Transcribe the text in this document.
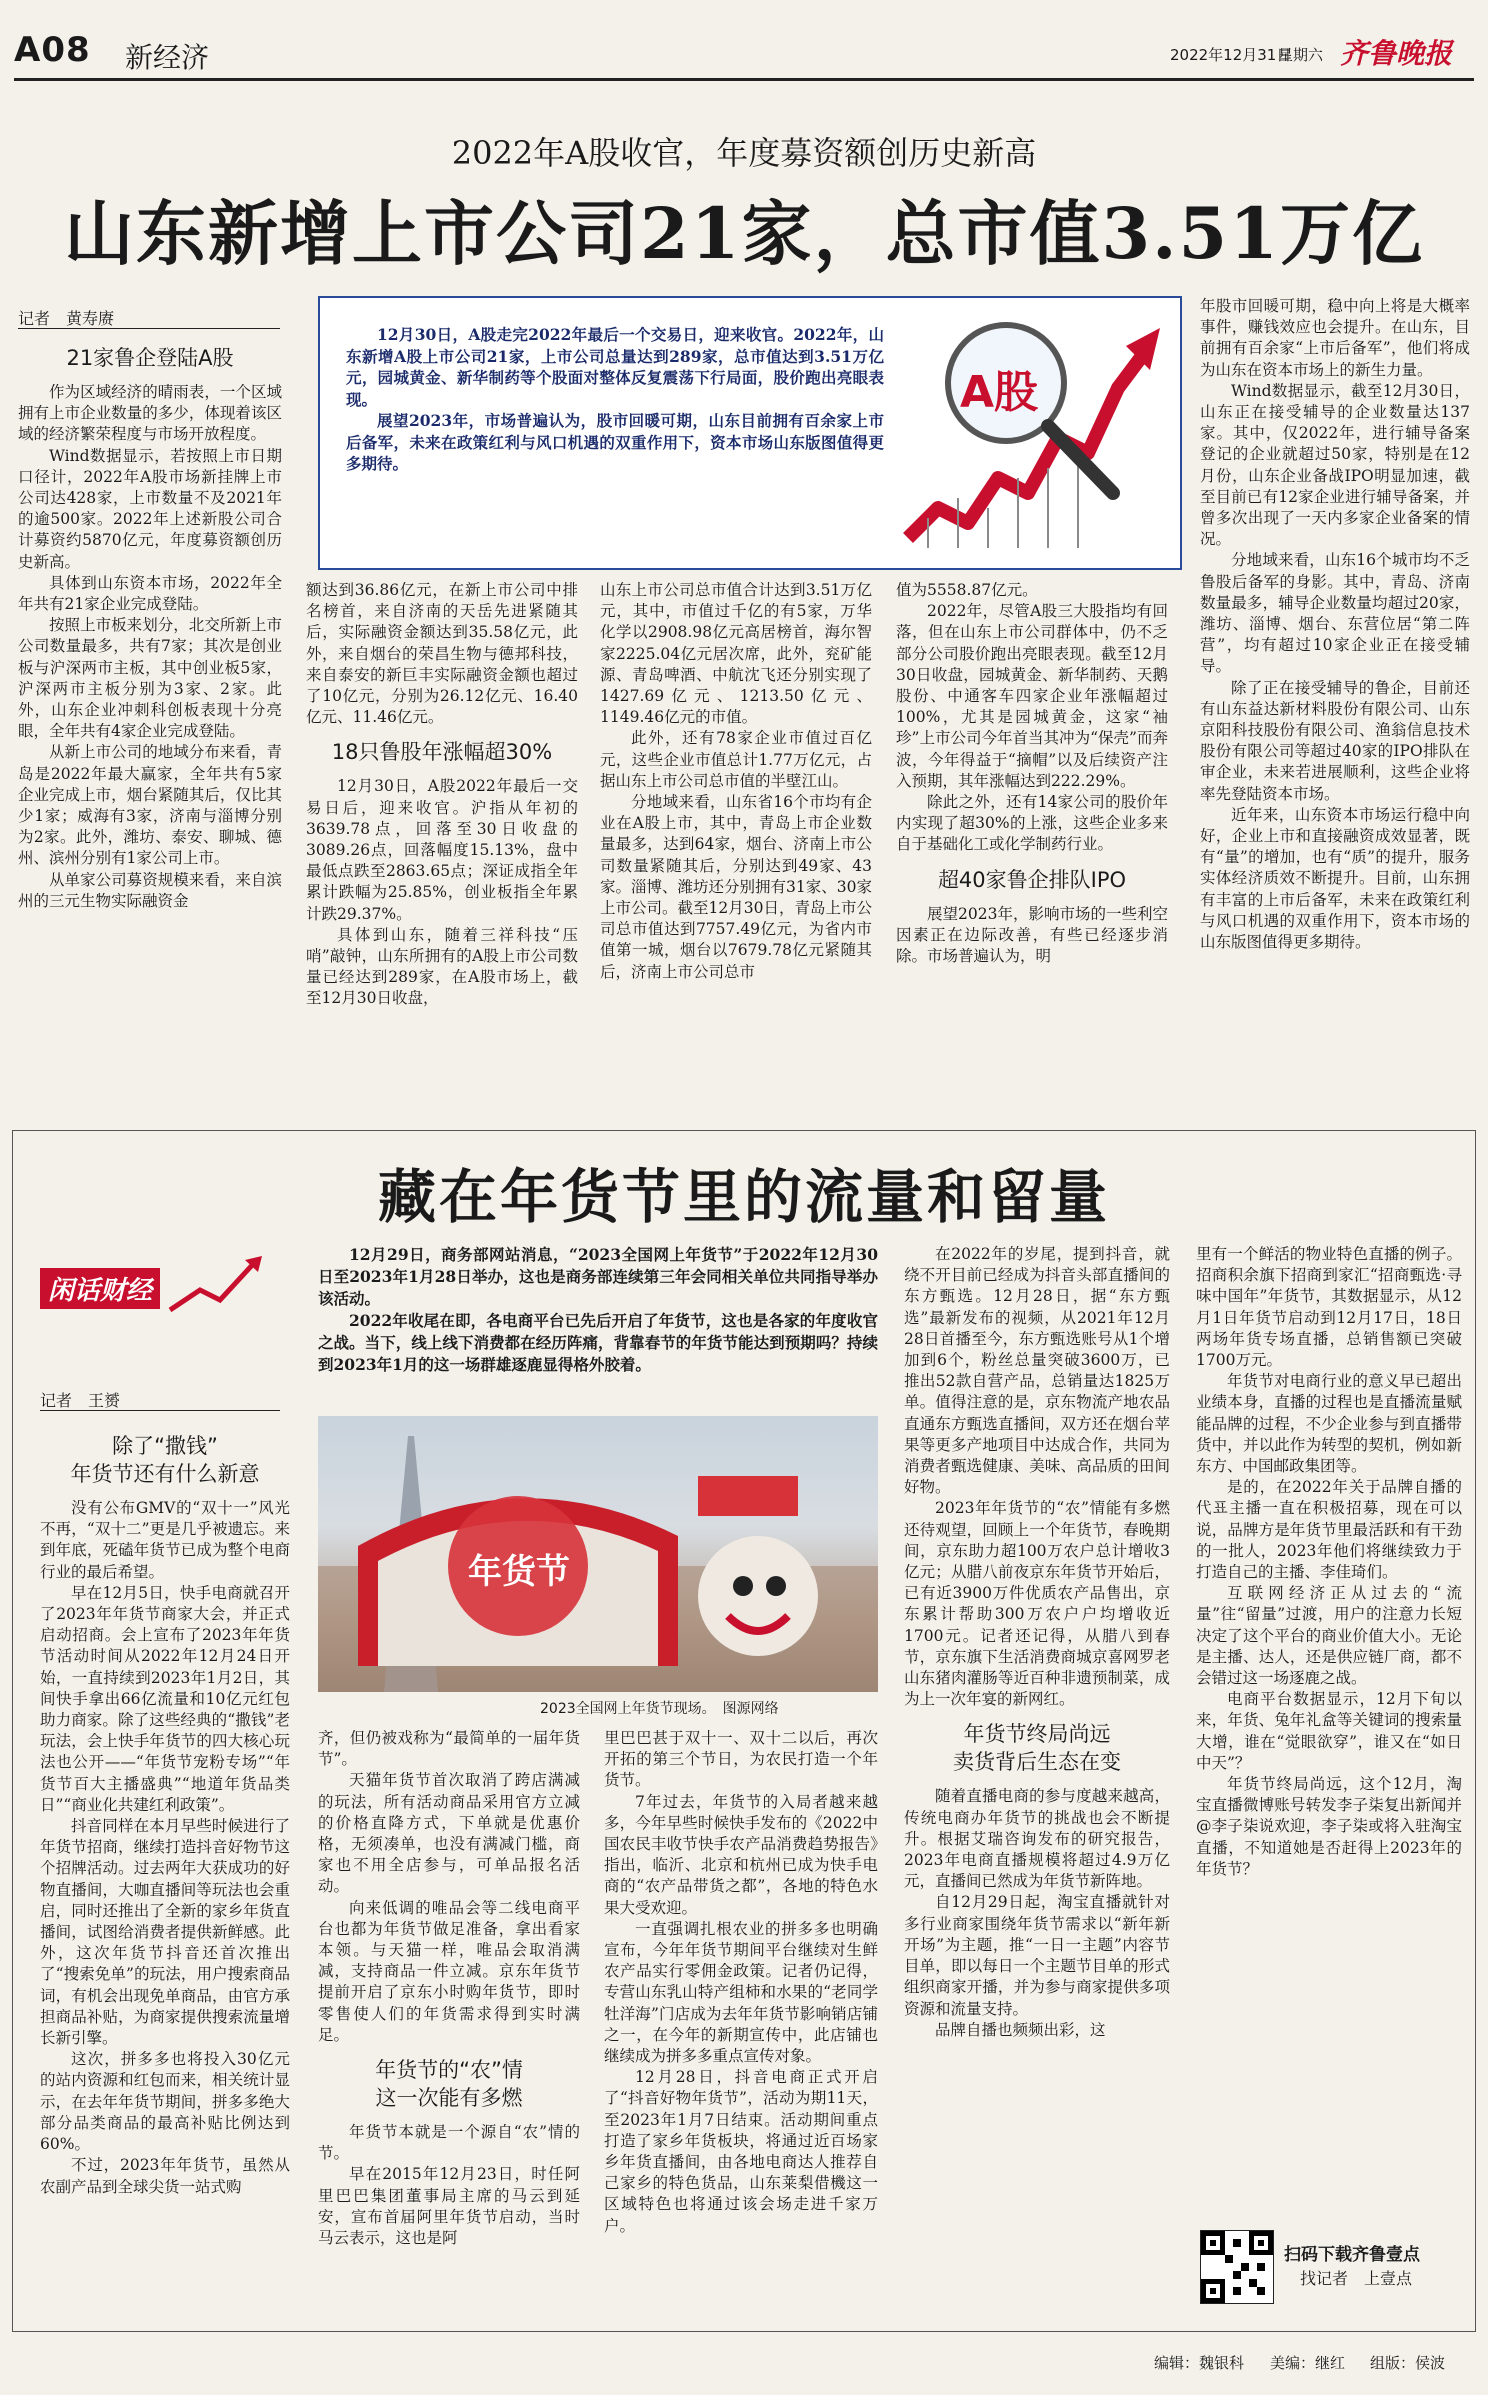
A08 新经济	2022年12月31日
星期六 齐鲁晚报
2022年A股收官，年度募资额创历史新高
山东新增上市公司21家，总市值3.51万亿
记者　黄寿赓

12月30日，A股走完2022年最后一个交易日，迎来收官。2022年，山东新增A股上市公司21家，上市公司总量达到289家，总市值达到3.51万亿元，园城黄金、新华制药等个股面对整体反复震荡下行局面，股价跑出亮眼表现。

展望2023年，市场普遍认为，股市回暖可期，山东目前拥有百余家上市后备军，未来在政策红利与风口机遇的双重作用下，资本市场山东版图值得更多期待。

A股

21家鲁企登陆A股

作为区域经济的晴雨表，一个区域拥有上市企业数量的多少，体现着该区域的经济繁荣程度与市场开放程度。

Wind数据显示，若按照上市日期口径计，2022年A股市场新挂牌上市公司达428家，上市数量不及2021年的逾500家。2022年上述新股公司合计募资约5870亿元，年度募资额创历史新高。

具体到山东资本市场，2022年全年共有21家企业完成登陆。

按照上市板来划分，北交所新上市公司数量最多，共有7家；其次是创业板与沪深两市主板，其中创业板5家，沪深两市主板分别为3家、2家。此外，山东企业冲刺科创板表现十分亮眼，全年共有4家企业完成登陆。

从新上市公司的地域分布来看，青岛是2022年最大赢家，全年共有5家企业完成上市，烟台紧随其后，仅比其少1家；威海有3家，济南与淄博分别为2家。此外，潍坊、泰安、聊城、德州、滨州分别有1家公司上市。

从单家公司募资规模来看，来自滨州的三元生物实际融资金

额达到36.86亿元，在新上市公司中排名榜首，来自济南的天岳先进紧随其后，实际融资金额达到35.58亿元，此外，来自烟台的荣昌生物与德邦科技，来自泰安的新巨丰实际融资金额也超过了10亿元，分别为26.12亿元、16.40亿元、11.46亿元。

18只鲁股年涨幅超30%

12月30日，A股2022年最后一交易日后，迎来收官。沪指从年初的3639.78点，回落至30日收盘的3089.26点，回落幅度15.13%，盘中最低点跌至2863.65点；深证成指全年累计跌幅为25.85%，创业板指全年累计跌29.37%。

具体到山东，随着三祥科技“压哨”敲钟，山东所拥有的A股上市公司数量已经达到289家，在A股市场上，截至12月30日收盘，

山东上市公司总市值合计达到3.51万亿元，其中，市值过千亿的有5家，万华化学以2908.98亿元高居榜首，海尔智家2225.04亿元居次席，此外，兖矿能源、青岛啤酒、中航沈飞还分别实现了1427.69亿元、1213.50亿元、1149.46亿元的市值。

此外，还有78家企业市值过百亿元，这些企业市值总计1.77万亿元，占据山东上市公司总市值的半壁江山。

分地域来看，山东省16个市均有企业在A股上市，其中，青岛上市企业数量最多，达到64家，烟台、济南上市公司数量紧随其后，分别达到49家、43家。淄博、潍坊还分别拥有31家、30家上市公司。截至12月30日，青岛上市公司总市值达到7757.49亿元，为省内市值第一城，烟台以7679.78亿元紧随其后，济南上市公司总市

值为5558.87亿元。

2022年，尽管A股三大股指均有回落，但在山东上市公司群体中，仍不乏部分公司股价跑出亮眼表现。截至12月30日收盘，园城黄金、新华制药、天鹅股份、中通客车四家企业年涨幅超过100%，尤其是园城黄金，这家“袖珍”上市公司今年首当其冲为“保壳”而奔波，今年得益于“摘帽”以及后续资产注入预期，其年涨幅达到222.29%。

除此之外，还有14家公司的股价年内实现了超30%的上涨，这些企业多来自于基础化工或化学制药行业。

超40家鲁企排队IPO

展望2023年，影响市场的一些利空因素正在边际改善，有些已经逐步消除。市场普遍认为，明

年股市回暖可期，稳中向上将是大概率事件，赚钱效应也会提升。在山东，目前拥有百余家“上市后备军”，他们将成为山东在资本市场上的新生力量。

Wind数据显示，截至12月30日，山东正在接受辅导的企业数量达137家。其中，仅2022年，进行辅导备案登记的企业就超过50家，特别是在12月份，山东企业备战IPO明显加速，截至目前已有12家企业进行辅导备案，并曾多次出现了一天内多家企业备案的情况。

分地域来看，山东16个城市均不乏鲁股后备军的身影。其中，青岛、济南数量最多，辅导企业数量均超过20家，潍坊、淄博、烟台、东营位居“第二阵营”，均有超过10家企业正在接受辅导。

除了正在接受辅导的鲁企，目前还有山东益达新材料股份有限公司、山东京阳科技股份有限公司、渔翁信息技术股份有限公司等超过40家的IPO排队在审企业，未来若进展顺利，这些企业将率先登陆资本市场。

近年来，山东资本市场运行稳中向好，企业上市和直接融资成效显著，既有“量”的增加，也有“质”的提升，服务实体经济质效不断提升。目前，山东拥有丰富的上市后备军，未来在政策红利与风口机遇的双重作用下，资本市场的山东版图值得更多期待。

藏在年货节里的流量和留量
闲话财经
记者　王赟

12月29日，商务部网站消息，“2023全国网上年货节”于2022年12月30日至2023年1月28日举办，这也是商务部连续第三年会同相关单位共同指导举办该活动。

2022年收尾在即，各电商平台已先后开启了年货节，这也是各家的年度收官之战。当下，线上线下消费都在经历阵痛，背靠春节的年货节能达到预期吗？持续到2023年1月的这一场群雄逐鹿显得格外胶着。

年货节
2023全国网上年货节现场。　图源网络

除了“撒钱”
年货节还有什么新意

没有公布GMV的“双十一”风光不再，“双十二”更是几乎被遗忘。来到年底，死磕年货节已成为整个电商行业的最后希望。

早在12月5日，快手电商就召开了2023年年货节商家大会，并正式启动招商。会上宣布了2023年年货节活动时间从2022年12月24日开始，一直持续到2023年1月2日，其间快手拿出66亿流量和10亿元红包助力商家。除了这些经典的“撒钱”老玩法，会上快手年货节的四大核心玩法也公开——“年货节宠粉专场”“年货节百大主播盛典”“地道年货品类日”“商业化共建红利政策”。

抖音同样在本月早些时候进行了年货节招商，继续打造抖音好物节这个招牌活动。过去两年大获成功的好物直播间，大咖直播间等玩法也会重启，同时还推出了全新的家乡年货直播间，试图给消费者提供新鲜感。此外，这次年货节抖音还首次推出了“搜索免单”的玩法，用户搜索商品词，有机会出现免单商品，由官方承担商品补贴，为商家提供搜索流量增长新引擎。

这次，拼多多也将投入30亿元的站内资源和红包而来，相关统计显示，在去年年货节期间，拼多多绝大部分品类商品的最高补贴比例达到60%。

不过，2023年年货节，虽然从农副产品到全球尖货一站式购

齐，但仍被戏称为“最简单的一届年货节”。

天猫年货节首次取消了跨店满减的玩法，所有活动商品采用官方立减的价格直降方式，下单就是优惠价格，无须凑单，也没有满减门槛，商家也不用全店参与，可单品报名活动。

向来低调的唯品会等二线电商平台也都为年货节做足准备，拿出看家本领。与天猫一样，唯品会取消满减，支持商品一件立减。京东年货节提前开启了京东小时购年货节，即时零售使人们的年货需求得到实时满足。

年货节的“农”情
这一次能有多燃

年货节本就是一个源自“农”情的节。

早在2015年12月23日，时任阿里巴巴集团董事局主席的马云到延安，宣布首届阿里年货节启动，当时马云表示，这也是阿

里巴巴甚于双十一、双十二以后，再次开拓的第三个节日，为农民打造一个年货节。

7年过去，年货节的入局者越来越多，今年早些时候快手发布的《2022中国农民丰收节快手农产品消费趋势报告》指出，临沂、北京和杭州已成为快手电商的“农产品带货之都”，各地的特色水果大受欢迎。

一直强调扎根农业的拼多多也明确宣布，今年年货节期间平台继续对生鲜农产品实行零佣金政策。记者仍记得，专营山东乳山特产组柿和水果的“老同学牡洋海”门店成为去年年货节影响销店铺之一，在今年的新期宣传中，此店铺也继续成为拼多多重点宣传对象。

12月28日，抖音电商正式开启了“抖音好物年货节”，活动为期11天，至2023年1月7日结束。活动期间重点打造了家乡年货板块，将通过近百场家乡年货直播间，由各地电商达人推荐自己家乡的特色货品，山东莱梨借機这一区域特色也将通过该会场走进千家万户。

在2022年的岁尾，提到抖音，就绕不开目前已经成为抖音头部直播间的东方甄选。12月28日，据“东方甄选”最新发布的视频，从2021年12月28日首播至今，东方甄选账号从1个增加到6个，粉丝总量突破3600万，已推出52款自营产品，总销量达1825万单。值得注意的是，京东物流产地农品直通东方甄选直播间，双方还在烟台苹果等更多产地项目中达成合作，共同为消费者甄选健康、美味、高品质的田间好物。

2023年年货节的“农”情能有多燃还待观望，回顾上一个年货节，春晚期间，京东助力超100万农户总计增收3亿元；从腊八前夜京东年货节开始后，已有近3900万件优质农产品售出，京东累计帮助300万农户户均增收近1700元。记者还记得，从腊八到春节，京东旗下生活消费商城京喜网罗老山东猪肉灌肠等近百种非遗预制菜，成为上一次年宴的新网红。

年货节终局尚远
卖货背后生态在变

随着直播电商的参与度越来越高，传统电商办年货节的挑战也会不断提升。根据艾瑞咨询发布的研究报告，2023年电商直播规模将超过4.9万亿元，直播间已然成为年货节新阵地。

自12月29日起，淘宝直播就针对多行业商家围绕年货节需求以“新年新开场”为主题，推“一日一主题”内容节目单，即以每日一个主题节目单的形式组织商家开播，并为参与商家提供多项资源和流量支持。

品牌自播也频频出彩，这

里有一个鲜活的物业特色直播的例子。招商积余旗下招商到家汇“招商甄选·寻味中国年”年货节，其数据显示，从12月1日年货节启动到12月17日，18日两场年货专场直播，总销售额已突破1700万元。

年货节对电商行业的意义早已超出业绩本身，直播的过程也是直播流量赋能品牌的过程，不少企业参与到直播带货中，并以此作为转型的契机，例如新东方、中国邮政集团等。

是的，在2022年关于品牌自播的代표主播一直在积极招募，现在可以说，品牌方是年货节里最活跃和有干劲的一批人，2023年他们将继续致力于打造自己的主播、李佳琦们。

互联网经济正从过去的“流量”往“留量”过渡，用户的注意力长短决定了这个平台的商业价值大小。无论是主播、达人，还是供应链厂商，都不会错过这一场逐鹿之战。

电商平台数据显示，12月下旬以来，年货、兔年礼盒等关键词的搜索量大增，谁在“觉眼欲穿”，谁又在“如日中天”？

年货节终局尚远，这个12月，淘宝直播微博账号转发李子柒复出新闻并@李子柒说欢迎，李子柒或将入驻淘宝直播，不知道她是否赶得上2023年的年货节？

扫码下载齐鲁壹点
找记者　上壹点
编辑：魏银科 美编：继红 组版：侯波
